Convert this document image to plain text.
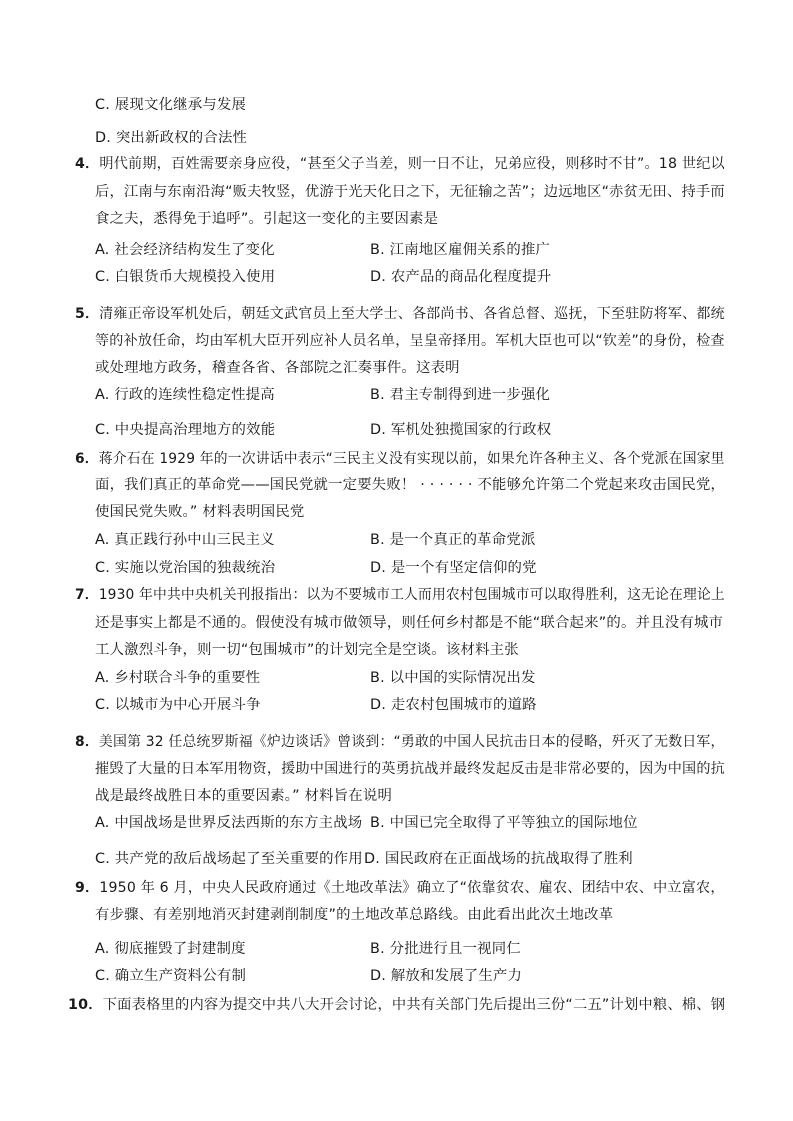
C. 展现文化继承与发展
D. 突出新政权的合法性
4．明代前期，百姓需要亲身应役，“甚至父子当差，则一日不让，兄弟应役，则移时不甘”。18 世纪以
后，江南与东南沿海“贩夫牧竖，优游于光天化日之下，无征输之苦”；边远地区“赤贫无田、持手而
食之夫，悉得免于追呼”。引起这一变化的主要因素是
A. 社会经济结构发生了变化	B. 江南地区雇佣关系的推广
C. 白银货币大规模投入使用	D. 农产品的商品化程度提升
5．清雍正帝设军机处后，朝廷文武官员上至大学士、各部尚书、各省总督、巡抚，下至驻防将军、都统
等的补放任命，均由军机大臣开列应补人员名单，呈皇帝择用。军机大臣也可以“钦差”的身份，检查
或处理地方政务，稽查各省、各部院之汇奏事件。这表明
A. 行政的连续性稳定性提高	B. 君主专制得到进一步强化
C. 中央提高治理地方的效能	D. 军机处独揽国家的行政权
6．蒋介石在 1929 年的一次讲话中表示“三民主义没有实现以前，如果允许各种主义、各个党派在国家里
面，我们真正的革命党——国民党就一定要失败！ · · · · · · 不能够允许第二个党起来攻击国民党，
使国民党失败。” 材料表明国民党
A. 真正践行孙中山三民主义	B. 是一个真正的革命党派
C. 实施以党治国的独裁统治	D. 是一个有坚定信仰的党
7．1930 年中共中央机关刊报指出：以为不要城市工人而用农村包围城市可以取得胜利，这无论在理论上
还是事实上都是不通的。假使没有城市做领导，则任何乡村都是不能“联合起来”的。并且没有城市
工人激烈斗争，则一切“包围城市”的计划完全是空谈。该材料主张
A. 乡村联合斗争的重要性	B. 以中国的实际情况出发
C. 以城市为中心开展斗争	D. 走农村包围城市的道路
8．美国第 32 任总统罗斯福《炉边谈话》曾谈到：“勇敢的中国人民抗击日本的侵略，歼灭了无数日军，
摧毁了大量的日本军用物资，援助中国进行的英勇抗战并最终发起反击是非常必要的，因为中国的抗
战是最终战胜日本的重要因素。” 材料旨在说明
A. 中国战场是世界反法西斯的东方主战场 B. 中国已完全取得了平等独立的国际地位
C. 共产党的敌后战场起了至关重要的作用 D. 国民政府在正面战场的抗战取得了胜利
9．1950 年 6 月，中央人民政府通过《土地改革法》确立了“依靠贫农、雇农、团结中农、中立富农，
有步骤、有差别地消灭封建剥削制度”的土地改革总路线。由此看出此次土地改革
A. 彻底摧毁了封建制度	B. 分批进行且一视同仁
C. 确立生产资料公有制	D. 解放和发展了生产力
10．下面表格里的内容为提交中共八大开会讨论，中共有关部门先后提出三份“二五”计划中粮、棉、钢
